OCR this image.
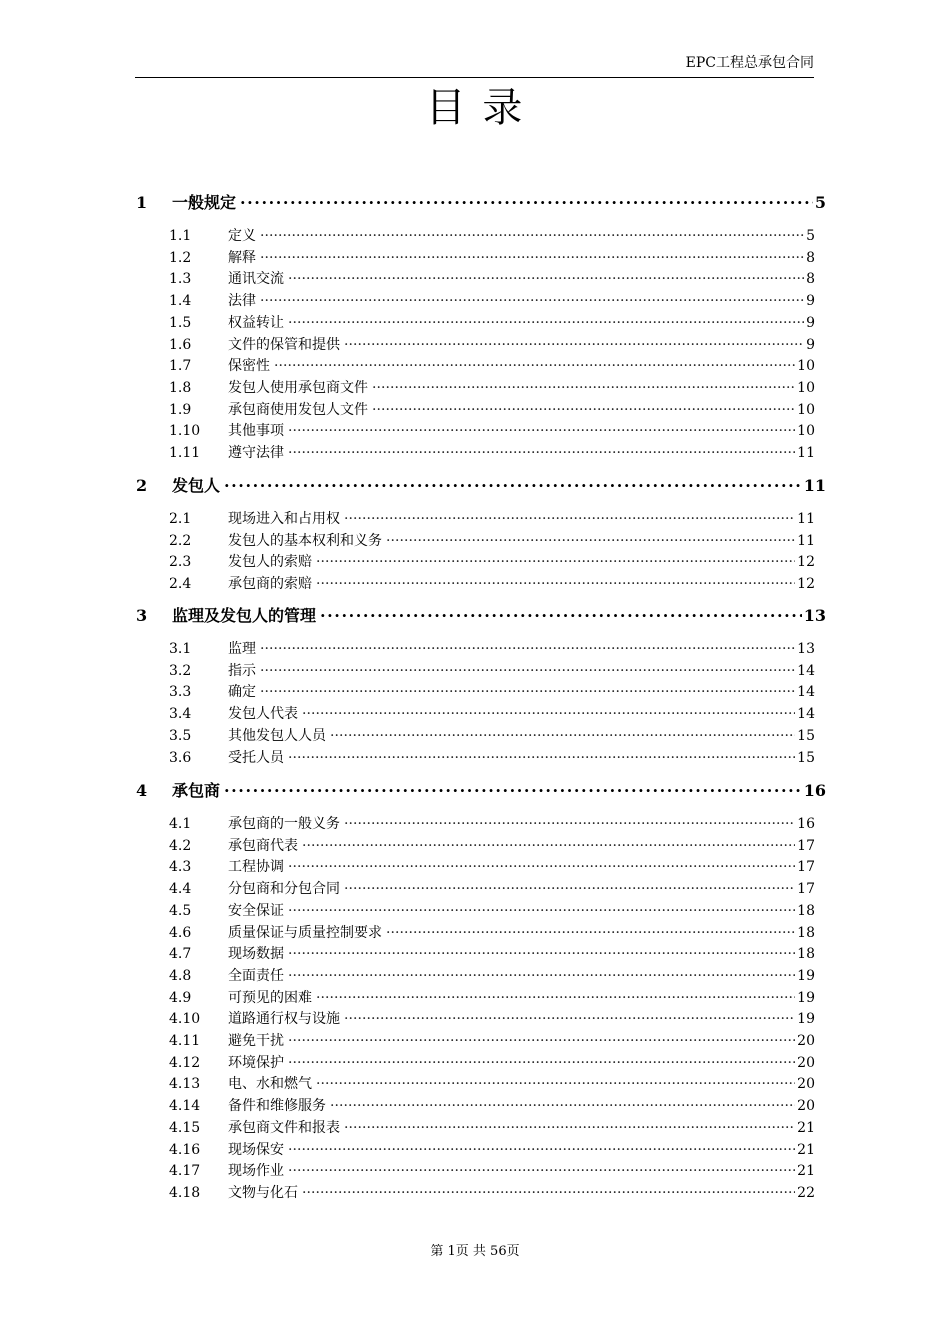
EPC工程总承包合同
目 录
1	一般规定 · · ·	5
1.1	定义 · · ·	5
1.2	解释 · · ·	8
1.3	通讯交流 · · ·	8
1.4	法律 · · ·	9
1.5	权益转让 · · ·	9
1.6	文件的保管和提供 · · ·	9
1.7	保密性 · · ·	10
1.8	发包人使用承包商文件 · · ·	10
1.9	承包商使用发包人文件 · · ·	10
1.10	其他事项 · · ·	10
1.11	遵守法律 · · ·	11
2	发包人 · · ·	11
2.1	现场进入和占用权 · · ·	11
2.2	发包人的基本权利和义务 · · ·	11
2.3	发包人的索赔 · · ·	12
2.4	承包商的索赔 · · ·	12
3	监理及发包人的管理 · · ·	13
3.1	监理 · · ·	13
3.2	指示 · · ·	14
3.3	确定 · · ·	14
3.4	发包人代表 · · ·	14
3.5	其他发包人人员 · · ·	15
3.6	受托人员 · · ·	15
4	承包商 · · ·	16
4.1	承包商的一般义务 · · ·	16
4.2	承包商代表 · · ·	17
4.3	工程协调 · · ·	17
4.4	分包商和分包合同 · · ·	17
4.5	安全保证 · · ·	18
4.6	质量保证与质量控制要求 · · ·	18
4.7	现场数据 · · ·	18
4.8	全面责任 · · ·	19
4.9	可预见的困难 · · ·	19
4.10	道路通行权与设施 · · ·	19
4.11	避免干扰 · · ·	20
4.12	环境保护 · · ·	20
4.13	电、水和燃气 · · ·	20
4.14	备件和维修服务 · · ·	20
4.15	承包商文件和报表 · · ·	21
4.16	现场保安 · · ·	21
4.17	现场作业 · · ·	21
4.18	文物与化石 · · ·	22
第 1页 共 56页
